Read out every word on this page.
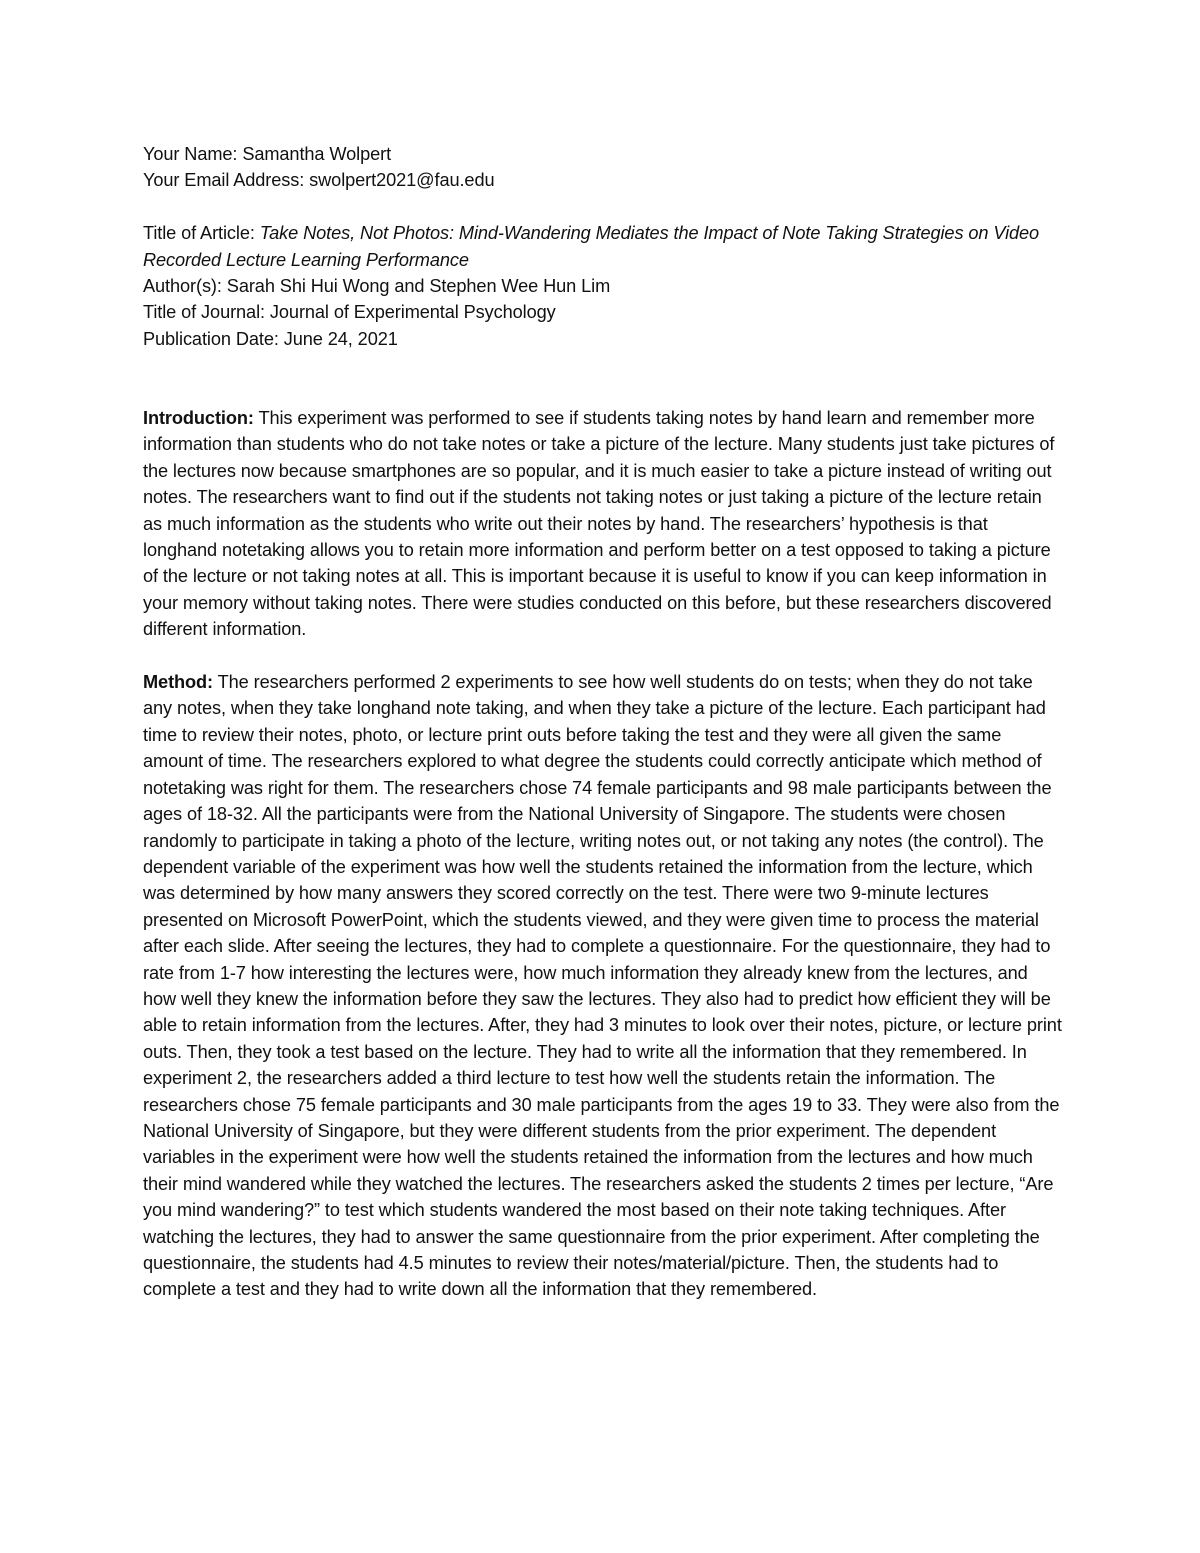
Your Name: Samantha Wolpert

Your Email Address: swolpert2021@fau.edu

Title of Article: Take Notes, Not Photos: Mind-Wandering Mediates the Impact of Note Taking Strategies on Video Recorded Lecture Learning Performance

Author(s): Sarah Shi Hui Wong and Stephen Wee Hun Lim

Title of Journal: Journal of Experimental Psychology

Publication Date: June 24, 2021

Introduction: This experiment was performed to see if students taking notes by hand learn and remember more information than students who do not take notes or take a picture of the lecture. Many students just take pictures of the lectures now because smartphones are so popular, and it is much easier to take a picture instead of writing out notes. The researchers want to find out if the students not taking notes or just taking a picture of the lecture retain as much information as the students who write out their notes by hand. The researchers’ hypothesis is that longhand notetaking allows you to retain more information and perform better on a test opposed to taking a picture of the lecture or not taking notes at all. This is important because it is useful to know if you can keep information in your memory without taking notes. There were studies conducted on this before, but these researchers discovered different information.

Method: The researchers performed 2 experiments to see how well students do on tests; when they do not take any notes, when they take longhand note taking, and when they take a picture of the lecture. Each participant had time to review their notes, photo, or lecture print outs before taking the test and they were all given the same amount of time. The researchers explored to what degree the students could correctly anticipate which method of notetaking was right for them. The researchers chose 74 female participants and 98 male participants between the ages of 18-32. All the participants were from the National University of Singapore. The students were chosen randomly to participate in taking a photo of the lecture, writing notes out, or not taking any notes (the control). The dependent variable of the experiment was how well the students retained the information from the lecture, which was determined by how many answers they scored correctly on the test. There were two 9-minute lectures presented on Microsoft PowerPoint, which the students viewed, and they were given time to process the material after each slide. After seeing the lectures, they had to complete a questionnaire. For the questionnaire, they had to rate from 1-7 how interesting the lectures were, how much information they already knew from the lectures, and how well they knew the information before they saw the lectures. They also had to predict how efficient they will be able to retain information from the lectures. After, they had 3 minutes to look over their notes, picture, or lecture print outs. Then, they took a test based on the lecture. They had to write all the information that they remembered. In experiment 2, the researchers added a third lecture to test how well the students retain the information. The researchers chose 75 female participants and 30 male participants from the ages 19 to 33. They were also from the National University of Singapore, but they were different students from the prior experiment. The dependent variables in the experiment were how well the students retained the information from the lectures and how much their mind wandered while they watched the lectures. The researchers asked the students 2 times per lecture, “Are you mind wandering?” to test which students wandered the most based on their note taking techniques. After watching the lectures, they had to answer the same questionnaire from the prior experiment. After completing the questionnaire, the students had 4.5 minutes to review their notes/material/picture. Then, the students had to complete a test and they had to write down all the information that they remembered.
